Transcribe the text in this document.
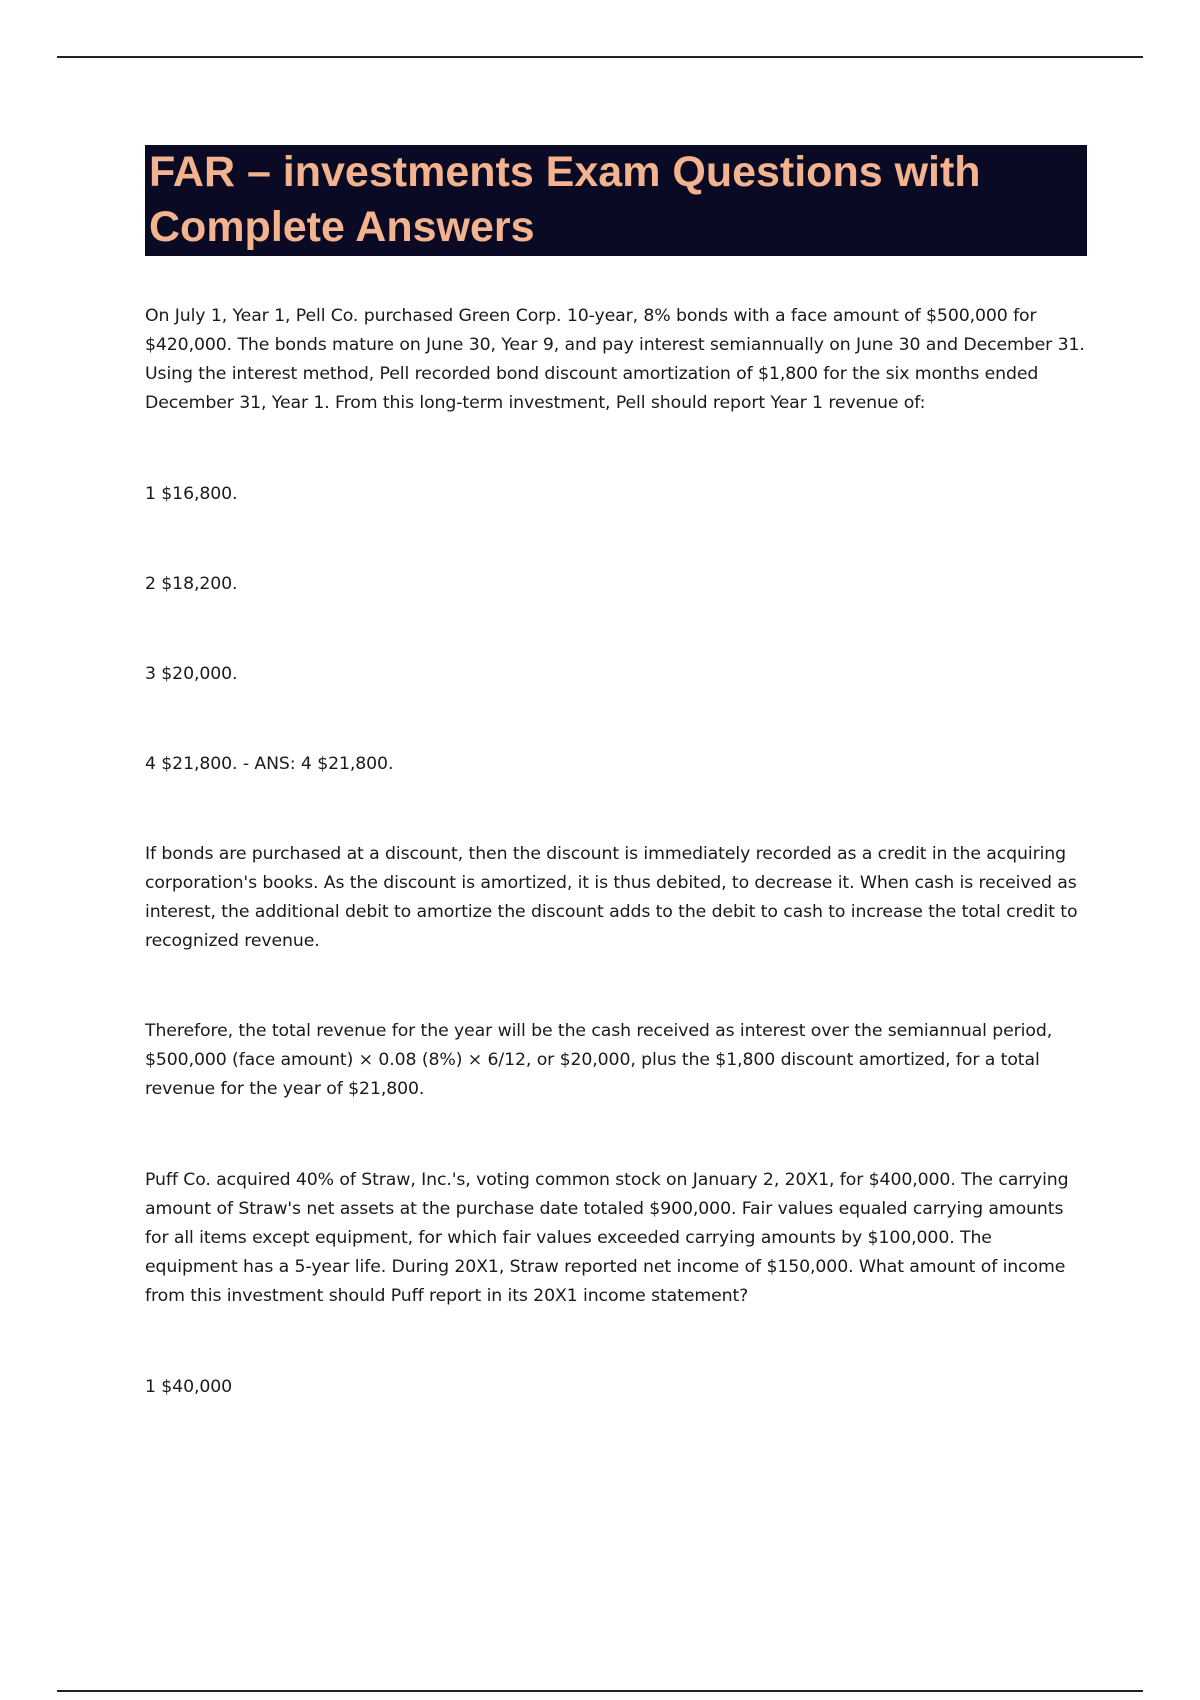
FAR – investments Exam Questions with
Complete Answers

On July 1, Year 1, Pell Co. purchased Green Corp. 10-year, 8% bonds with a face amount of $500,000 for $420,000. The bonds mature on June 30, Year 9, and pay interest semiannually on June 30 and December 31. Using the interest method, Pell recorded bond discount amortization of $1,800 for the six months ended December 31, Year 1. From this long-term investment, Pell should report Year 1 revenue of:

1 $16,800.

2 $18,200.

3 $20,000.

4 $21,800. - ANS: 4 $21,800.

If bonds are purchased at a discount, then the discount is immediately recorded as a credit in the acquiring corporation's books. As the discount is amortized, it is thus debited, to decrease it. When cash is received as interest, the additional debit to amortize the discount adds to the debit to cash to increase the total credit to recognized revenue.

Therefore, the total revenue for the year will be the cash received as interest over the semiannual period, $500,000 (face amount) × 0.08 (8%) × 6/12, or $20,000, plus the $1,800 discount amortized, for a total revenue for the year of $21,800.

Puff Co. acquired 40% of Straw, Inc.'s, voting common stock on January 2, 20X1, for $400,000. The carrying amount of Straw's net assets at the purchase date totaled $900,000. Fair values equaled carrying amounts for all items except equipment, for which fair values exceeded carrying amounts by $100,000. The equipment has a 5-year life. During 20X1, Straw reported net income of $150,000. What amount of income from this investment should Puff report in its 20X1 income statement?

1 $40,000
